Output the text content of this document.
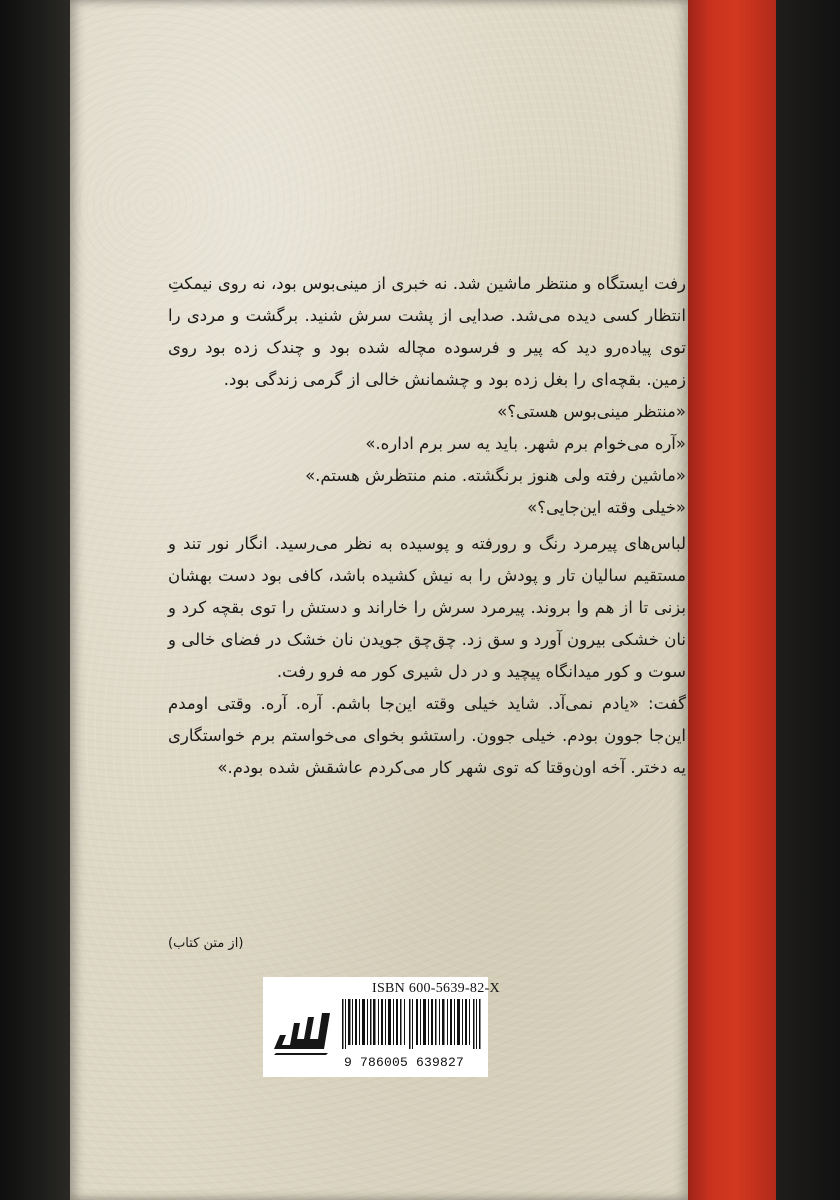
رفت ایستگاه و منتظر ماشین شد. نه خبری از مینی‌بوس بود، نه روی نیمکتِ انتظار کسی دیده می‌شد. صدایی از پشت سرش شنید. برگشت و مردی را توی پیاده‌رو دید که پیر و فرسوده مچاله شده بود و چندک زده بود روی زمین. بقچه‌ای را بغل زده بود و چشمانش خالی از گرمی زندگی بود.

«منتظر مینی‌بوس هستی؟»

«آره می‌خوام برم شهر. باید یه سر برم اداره.»

«ماشین رفته ولی هنوز برنگشته. منم منتظرش هستم.»

«خیلی وقته این‌جایی؟»

لباس‌های پیرمرد رنگ و رورفته و پوسیده به نظر می‌رسید. انگار نور تند و مستقیم سالیان تار و پودش را به نیش کشیده باشد، کافی بود دست بهشان بزنی تا از هم وا بروند. پیرمرد سرش را خاراند و دستش را توی بقچه کرد و نان خشکی بیرون آورد و سق زد. چق‌چق جویدن نان خشک در فضای خالی و سوت و کور میدانگاه پیچید و در دل شیری کور مه فرو رفت.

گفت: «یادم نمی‌آد. شاید خیلی وقته این‌جا باشم. آره. آره. وقتی اومدم این‌جا جوون بودم. خیلی جوون. راستشو بخوای می‌خواستم برم خواستگاری یه دختر. آخه اون‌وقتا که توی شهر کار می‌کردم عاشقش شده بودم.»

(از متن کتاب)
ISBN 600-5639-82-X
9 786005 639827
